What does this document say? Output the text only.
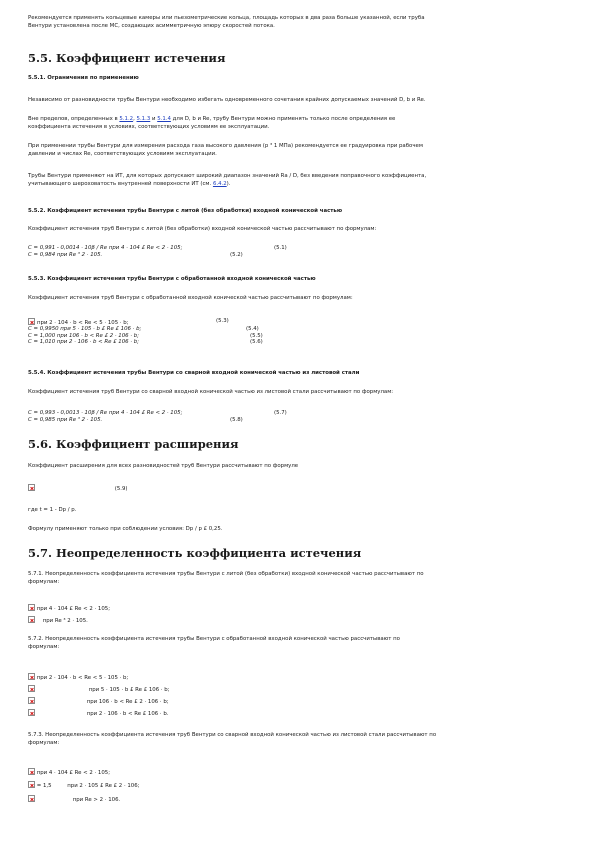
Рекомендуется применять кольцевые камеры или пьезометрические кольца, площадь которых в два раза больше указанной, если труба
Вентури установлена после МС, создающих асимметричную эпюру скоростей потока.

5.5. Коэффициент истечения
5.5.1. Ограничения по применению

Независимо от разновидности трубы Вентури необходимо избегать одновременного сочетания крайних допускаемых значений D, b и Re.

Вне пределов, определенных в 5.1.2, 5.1.3 и 5.1.4 для D, b и Re, трубу Вентури можно применять только после определения ее
коэффициента истечения в условиях, соответствующих условиям ее эксплуатации.

При применении трубы Вентури для измерения расхода газа высокого давления (р ³ 1 МПа) рекомендуется ее градуировка при рабочем
давлении и числах Re, соответствующих условиям эксплуатации.

Трубы Вентури применяют на ИТ, для которых допускают широкий диапазон значений Ra / D, без введения поправочного коэффициента,
учитывающего шероховатость внутренней поверхности ИТ (см. 6.4.2).

5.5.2. Коэффициент истечения трубы Вентури с литой (без обработки) входной конической частью

Коэффициент истечения труб Вентури с литой (без обработки) входной конической частью рассчитывают по формулам:

С = 0,991 - 0,0014 · 10β / Re при 4 · 104 £ Re < 2 · 105;	(5.1)
С = 0,984 при Re ³ 2 · 105.	(5.2)
5.5.3. Коэффициент истечения трубы Вентури с обработанной входной конической частью

Коэффициент истечения труб Вентури с обработанной входной конической частью рассчитывают по формулам:

при 2 · 104 · b < Re < 5 · 105 · b;	(5.3)
С = 0,9950 при 5 · 105 · b £ Re £ 106 · b;	(5.4)
С = 1,000 при 106 · b < Re £ 2 · 106 · b;	(5.5)
С = 1,010 при 2 · 106 · b < Re £ 106 · b;	(5.6)
5.5.4. Коэффициент истечения трубы Вентури со сварной входной конической частью из листовой стали

Коэффициент истечения труб Вентури со сварной входной конической частью из листовой стали рассчитывают по формулам:

С = 0,993 - 0,0013 · 10β / Re при 4 · 104 £ Re < 2 · 105;	(5.7)
С = 0,985 при Re ³ 2 · 105.	(5.8)
5.6. Коэффициент расширения

Коэффициент расширения для всех разновидностей труб Вентури рассчитывают по формуле

(5.9)

где t = 1 - Dp / p.

Формулу применяют только при соблюдении условия: Dp / p £ 0,25.

5.7. Неопределенность коэффициента истечения

5.7.1. Неопределенность коэффициента истечения трубы Вентури с литой (без обработки) входной конической частью рассчитывают по
формулам:

при 4 · 104 £ Re < 2 · 105;
при Re ³ 2 · 105.

5.7.2. Неопределенность коэффициента истечения трубы Вентури с обработанной входной конической частью рассчитывают по
формулам:

при 2 · 104 · b < Re < 5 · 105 · b;
при 5 · 105 · b £ Re £ 106 · b;
при 106 · b < Re £ 2 · 106 · b;
при 2 · 106 · b < Re £ 106 · b.

5.7.3. Неопределенность коэффициента истечения труб Вентури со сварной входной конической частью из листовой стали рассчитывают по
формулам:

при 4 · 104 £ Re < 2 · 105;
= 1,5	при 2 · 105 £ Re £ 2 · 106;
при Re > 2 · 106.
